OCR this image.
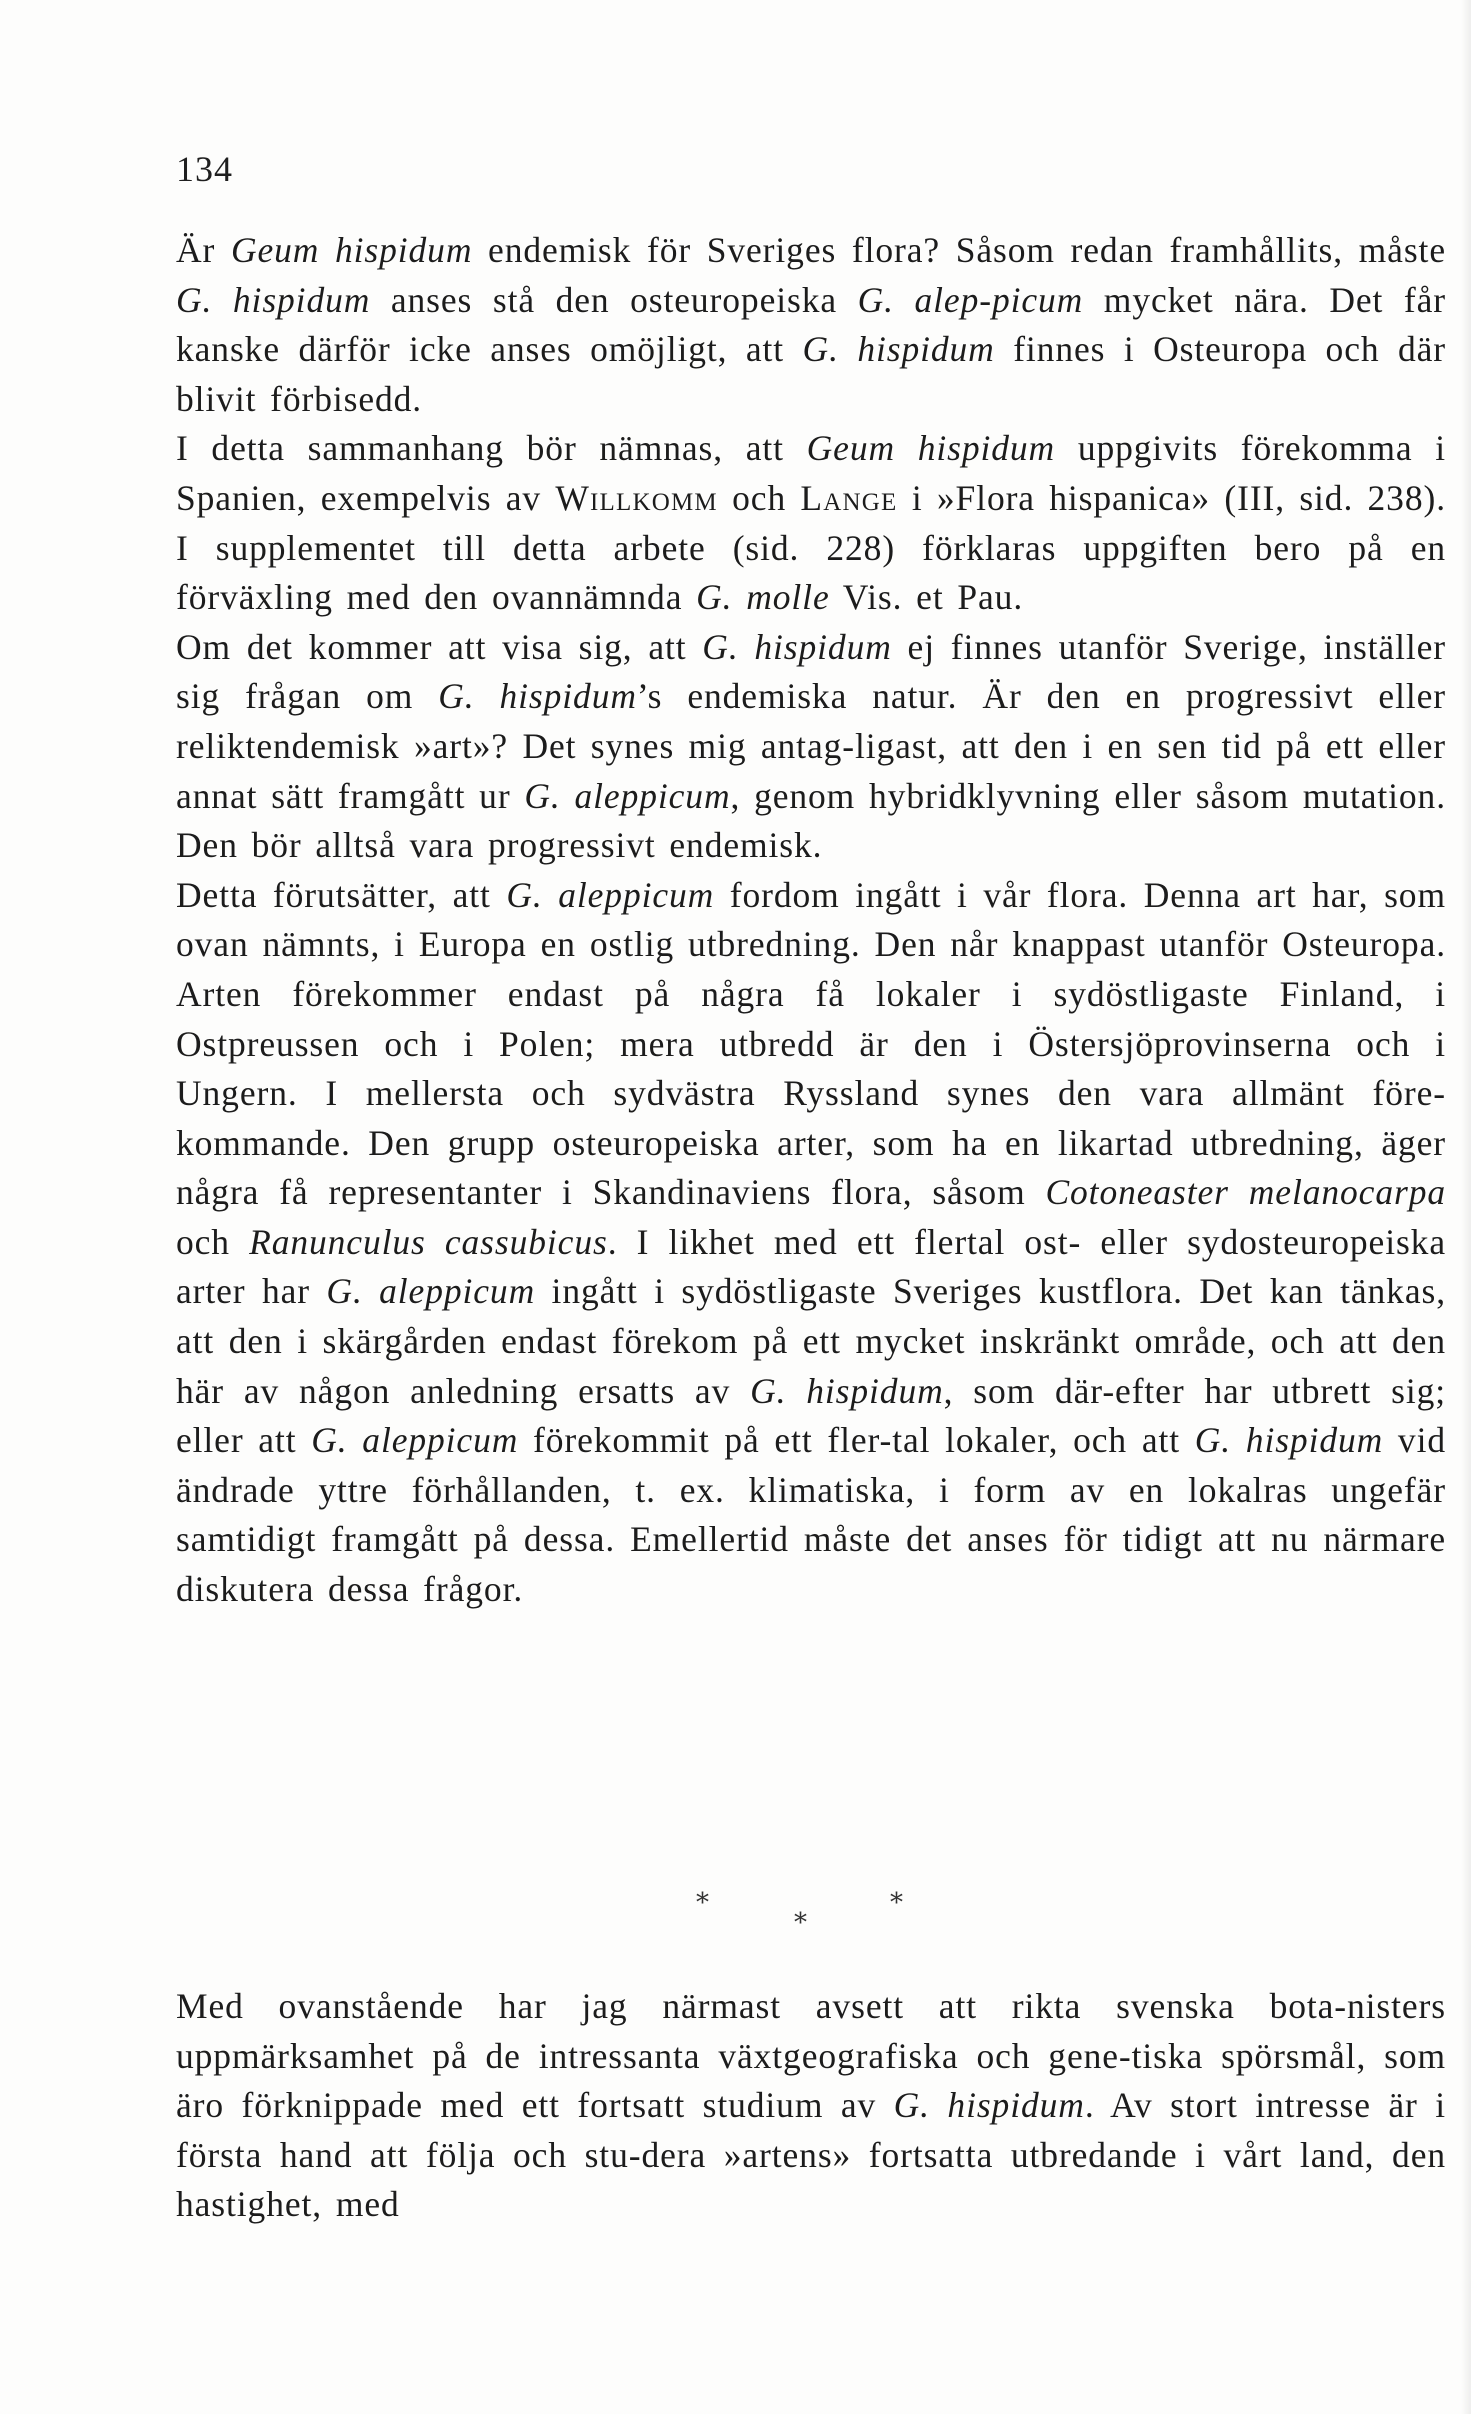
134

Är Geum hispidum endemisk för Sveriges flora? Såsom redan framhållits, måste G. hispidum anses stå den osteuropeiska G. alep-picum mycket nära. Det får kanske därför icke anses omöjligt, att G. hispidum finnes i Osteuropa och där blivit förbisedd.

I detta sammanhang bör nämnas, att Geum hispidum uppgivits förekomma i Spanien, exempelvis av Willkomm och Lange i »Flora hispanica» (III, sid. 238). I supplementet till detta arbete (sid. 228) förklaras uppgiften bero på en förväxling med den ovannämnda G. molle Vis. et Pau.

Om det kommer att visa sig, att G. hispidum ej finnes utanför Sverige, inställer sig frågan om G. hispidum’s endemiska natur. Är den en progressivt eller reliktendemisk »art»? Det synes mig antag-ligast, att den i en sen tid på ett eller annat sätt framgått ur G. aleppicum, genom hybridklyvning eller såsom mutation. Den bör alltså vara progressivt endemisk.

Detta förutsätter, att G. aleppicum fordom ingått i vår flora. Denna art har, som ovan nämnts, i Europa en ostlig utbredning. Den når knappast utanför Osteuropa. Arten förekommer endast på några få lokaler i sydöstligaste Finland, i Ostpreussen och i Polen; mera utbredd är den i Östersjöprovinserna och i Ungern. I mellersta och sydvästra Ryssland synes den vara allmänt före-kommande. Den grupp osteuropeiska arter, som ha en likartad utbredning, äger några få representanter i Skandinaviens flora, såsom Cotoneaster melanocarpa och Ranunculus cassubicus. I likhet med ett flertal ost- eller sydosteuropeiska arter har G. aleppicum ingått i sydöstligaste Sveriges kustflora. Det kan tänkas, att den i skärgården endast förekom på ett mycket inskränkt område, och att den här av någon anledning ersatts av G. hispidum, som där-efter har utbrett sig; eller att G. aleppicum förekommit på ett fler-tal lokaler, och att G. hispidum vid ändrade yttre förhållanden, t. ex. klimatiska, i form av en lokalras ungefär samtidigt framgått på dessa. Emellertid måste det anses för tidigt att nu närmare diskutera dessa frågor.

*	*
*

Med ovanstående har jag närmast avsett att rikta svenska bota-nisters uppmärksamhet på de intressanta växtgeografiska och gene-tiska spörsmål, som äro förknippade med ett fortsatt studium av G. hispidum. Av stort intresse är i första hand att följa och stu-dera »artens» fortsatta utbredande i vårt land, den hastighet, med
